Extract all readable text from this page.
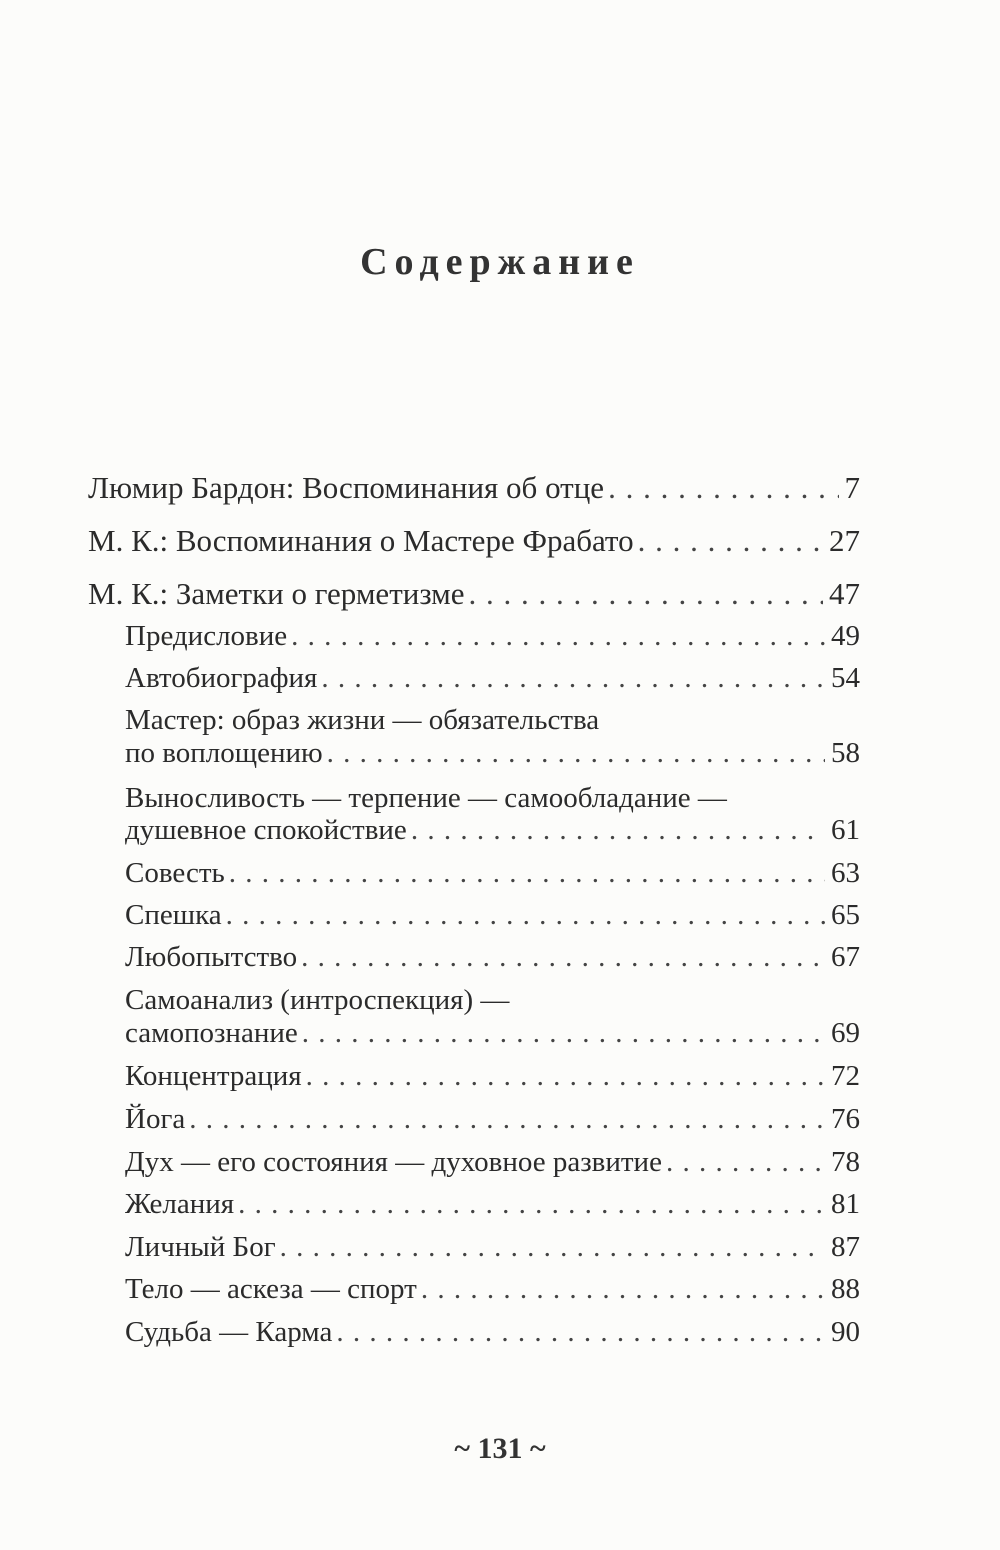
Содержание
Люмир Бардон: Воспоминания об отце . . .	7
М. К.: Воспоминания о Мастере Фрабато . . .	27
М. К.: Заметки о герметизме . . .	47
Предисловие . . .	49
Автобиография . . .	54
Мастер: образ жизни — обязательства
по воплощению . . .	58
Выносливость — терпение — самообладание —
душевное спокойствие . . .	61
Совесть . . .	63
Спешка . . .	65
Любопытство . . .	67
Самоанализ (интроспекция) —
самопознание . . .	69
Концентрация . . .	72
Йога . . .	76
Дух — его состояния — духовное развитие . . .	78
Желания . . .	81
Личный Бог . . .	87
Тело — аскеза — спорт . . .	88
Судьба — Карма . . .	90
~ 131 ~
